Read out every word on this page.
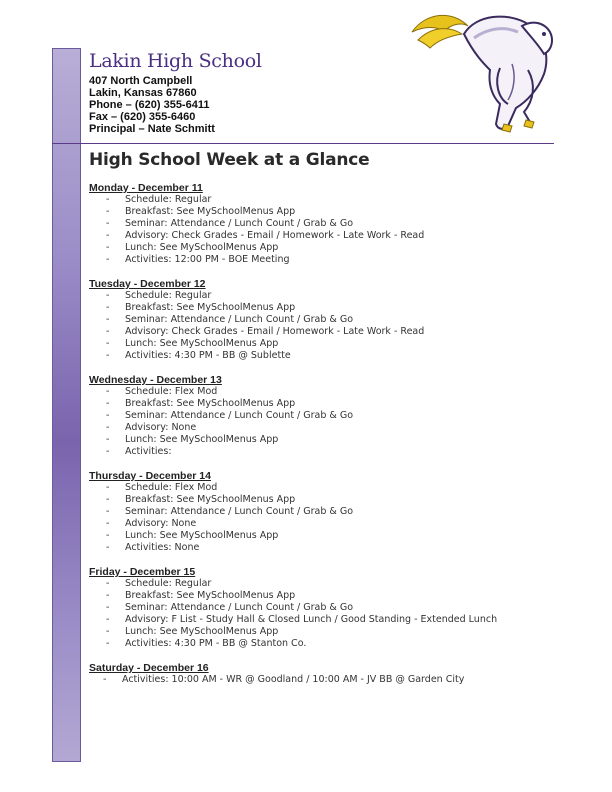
Lakin High School
407 North Campbell
Lakin, Kansas 67860
Phone – (620) 355-6411
Fax – (620) 355-6460
Principal – Nate Schmitt
High School Week at a Glance
Monday - December 11
- Schedule: Regular
- Breakfast: See MySchoolMenus App
- Seminar: Attendance / Lunch Count / Grab & Go
- Advisory: Check Grades - Email / Homework - Late Work - Read
- Lunch: See MySchoolMenus App
- Activities: 12:00 PM - BOE Meeting
Tuesday - December 12
- Schedule: Regular
- Breakfast: See MySchoolMenus App
- Seminar: Attendance / Lunch Count / Grab & Go
- Advisory: Check Grades - Email / Homework - Late Work - Read
- Lunch: See MySchoolMenus App
- Activities: 4:30 PM - BB @ Sublette
Wednesday - December 13
- Schedule: Flex Mod
- Breakfast: See MySchoolMenus App
- Seminar: Attendance / Lunch Count / Grab & Go
- Advisory: None
- Lunch: See MySchoolMenus App
- Activities:
Thursday - December 14
- Schedule: Flex Mod
- Breakfast: See MySchoolMenus App
- Seminar: Attendance / Lunch Count / Grab & Go
- Advisory: None
- Lunch: See MySchoolMenus App
- Activities: None
Friday - December 15
- Schedule: Regular
- Breakfast: See MySchoolMenus App
- Seminar: Attendance / Lunch Count / Grab & Go
- Advisory: F List - Study Hall & Closed Lunch / Good Standing - Extended Lunch
- Lunch: See MySchoolMenus App
- Activities: 4:30 PM - BB @ Stanton Co.
Saturday - December 16
- Activities: 10:00 AM - WR @ Goodland / 10:00 AM - JV BB @ Garden City
